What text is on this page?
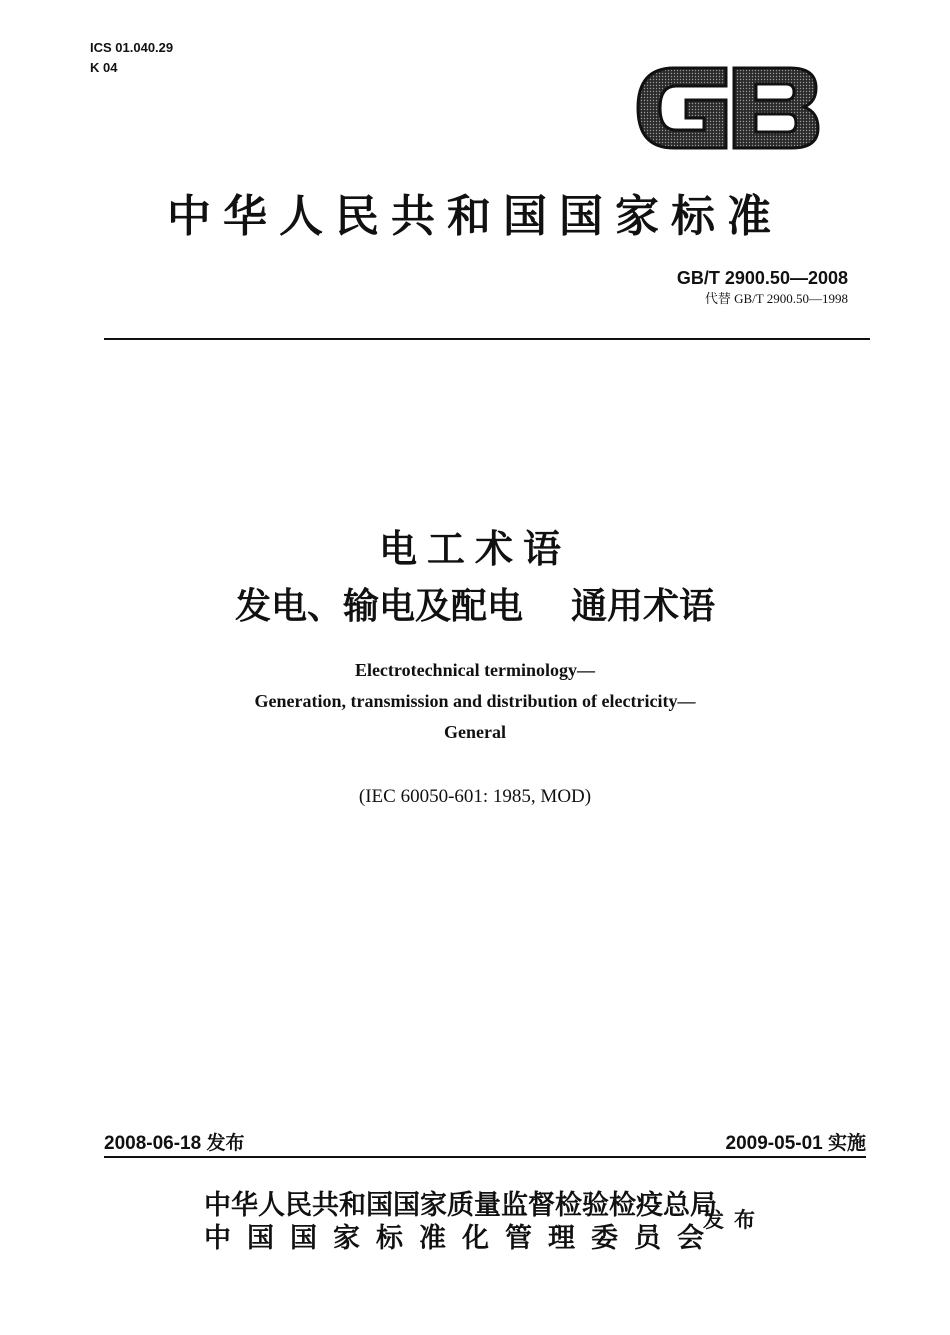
ICS 01.040.29
K 04
中华人民共和国国家标准
GB/T 2900.50—2008
代替 GB/T 2900.50—1998
电工术语
发电、输电及配电 通用术语
Electrotechnical terminology—
Generation, transmission and distribution of electricity—
General
(IEC 60050-601: 1985, MOD)
2008-06-18 发布	2009-05-01 实施
中华人民共和国国家质量监督检验检疫总局
中国国家标准化管理委员会
发布
